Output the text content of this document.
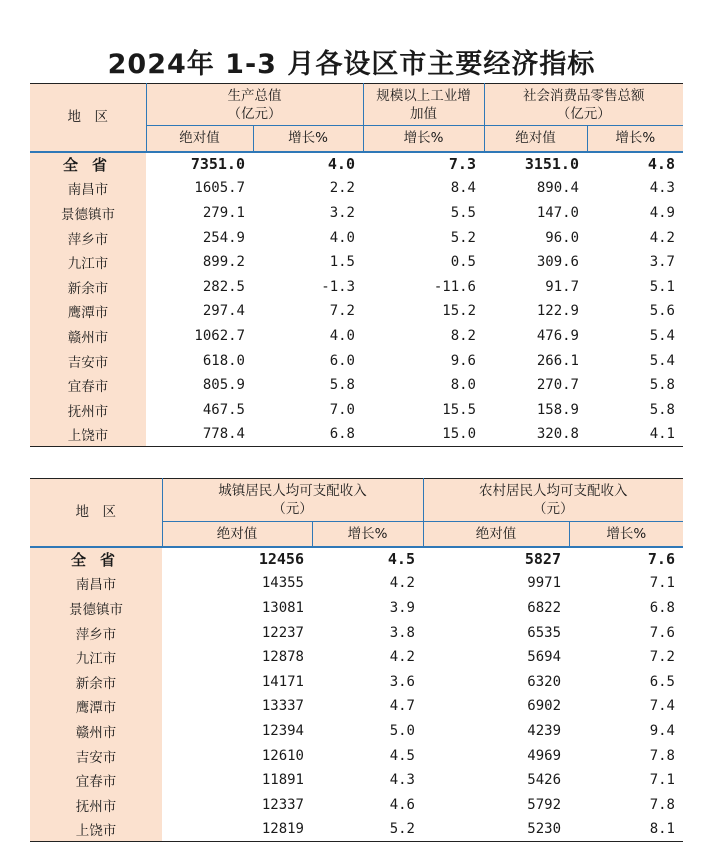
2024年 1-3 月各设区市主要经济指标
地　区	生产总值
（亿元）		规模以上工业增
加值	社会消费品零售总额
（亿元）	
	绝对值	增长%	增长%	绝对值	增长%
全省	7351.0	4.0	7.3	3151.0	4.8
南昌市	1605.7	2.2	8.4	890.4	4.3
景德镇市	279.1	3.2	5.5	147.0	4.9
萍乡市	254.9	4.0	5.2	96.0	4.2
九江市	899.2	1.5	0.5	309.6	3.7
新余市	282.5	-1.3	-11.6	91.7	5.1
鹰潭市	297.4	7.2	15.2	122.9	5.6
赣州市	1062.7	4.0	8.2	476.9	5.4
吉安市	618.0	6.0	9.6	266.1	5.4
宜春市	805.9	5.8	8.0	270.7	5.8
抚州市	467.5	7.0	15.5	158.9	5.8
上饶市	778.4	6.8	15.0	320.8	4.1
地　区	城镇居民人均可支配收入
（元）		农村居民人均可支配收入
（元）	
	绝对值	增长%	绝对值	增长%
全省	12456	4.5	5827	7.6
南昌市	14355	4.2	9971	7.1
景德镇市	13081	3.9	6822	6.8
萍乡市	12237	3.8	6535	7.6
九江市	12878	4.2	5694	7.2
新余市	14171	3.6	6320	6.5
鹰潭市	13337	4.7	6902	7.4
赣州市	12394	5.0	4239	9.4
吉安市	12610	4.5	4969	7.8
宜春市	11891	4.3	5426	7.1
抚州市	12337	4.6	5792	7.8
上饶市	12819	5.2	5230	8.1
